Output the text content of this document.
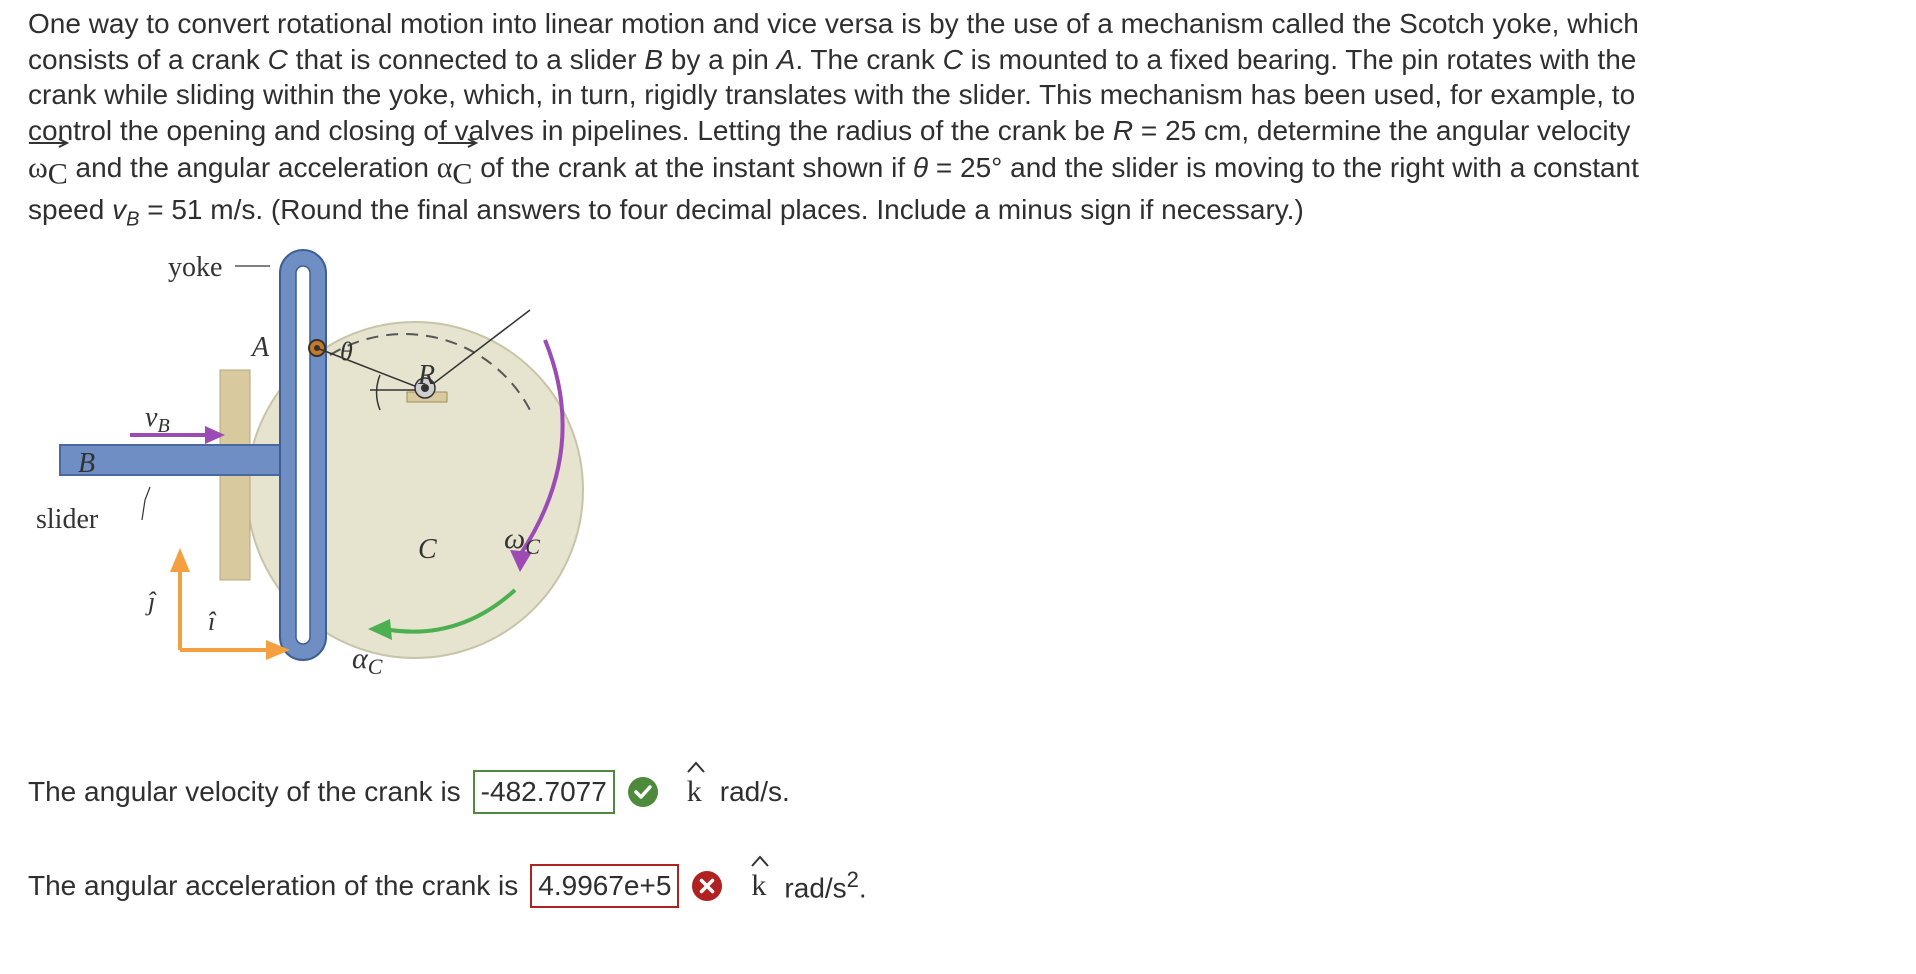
One way to convert rotational motion into linear motion and vice versa is by the use of a mechanism called the Scotch yoke, which

consists of a crank C that is connected to a slider B by a pin A. The crank C is mounted to a fixed bearing. The pin rotates with the

crank while sliding within the yoke, which, in turn, rigidly translates with the slider. This mechanism has been used, for example, to

control the opening and closing of valves in pipelines. Letting the radius of the crank be R = 25 cm, determine the angular velocity

$\omega_C$ and the angular acceleration
$\alpha_C$ of the crank at the instant shown if θ = 25° and the slider is moving to the right with a constant

speed $v_B = 51$ m/s. (Round the final answers to four decimal places. Include a minus sign if necessary.)

yoke
B
$v_B$
slider
A	θ
R
C $\omega_C$
$\alpha_C$
ĵ
î
The angular velocity of the crank is -482.7077	k rad/s.
The angular acceleration of the crank is 4.9967e+5	k rad/$s^2$.
